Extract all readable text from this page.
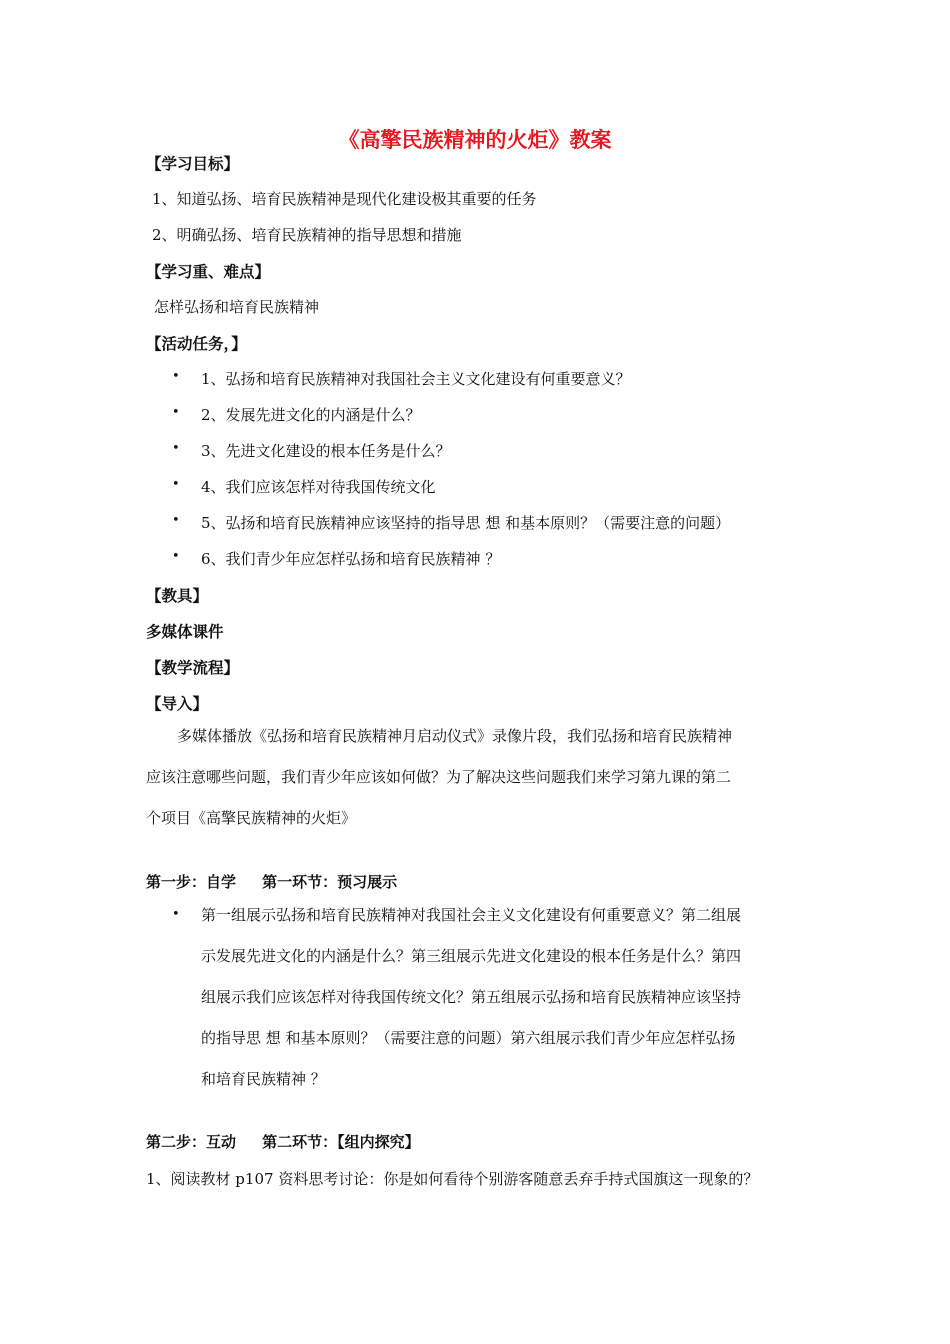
《高擎民族精神的火炬》教案
【学习目标】
1、知道弘扬、培育民族精神是现代化建设极其重要的任务
2、明确弘扬、培育民族精神的指导思想和措施
【学习重、难点】
怎样弘扬和培育民族精神
【活动任务，】
• 1、弘扬和培育民族精神对我国社会主义文化建设有何重要意义？
• 2、发展先进文化的内涵是什么？
• 3、先进文化建设的根本任务是什么？
• 4、我们应该怎样对待我国传统文化
• 5、弘扬和培育民族精神应该坚持的指导思 想 和基本原则？（需要注意的问题）
• 6、我们青少年应怎样弘扬和培育民族精神 ？
【教具】
多媒体课件
【教学流程】
【导入】
多媒体播放《弘扬和培育民族精神月启动仪式》录像片段，我们弘扬和培育民族精神
应该注意哪些问题，我们青少年应该如何做？为了解决这些问题我们来学习第九课的第二
个项目《高擎民族精神的火炬》
第一步：自学     第一环节：预习展示
• 第一组展示弘扬和培育民族精神对我国社会主义文化建设有何重要意义？第二组展
示发展先进文化的内涵是什么？第三组展示先进文化建设的根本任务是什么？第四
组展示我们应该怎样对待我国传统文化？第五组展示弘扬和培育民族精神应该坚持
的指导思 想 和基本原则？（需要注意的问题）第六组展示我们青少年应怎样弘扬
和培育民族精神 ？
第二步：互动     第二环节：【组内探究】
1、阅读教材 p107 资料思考讨论：你是如何看待个别游客随意丢弃手持式国旗这一现象的？
